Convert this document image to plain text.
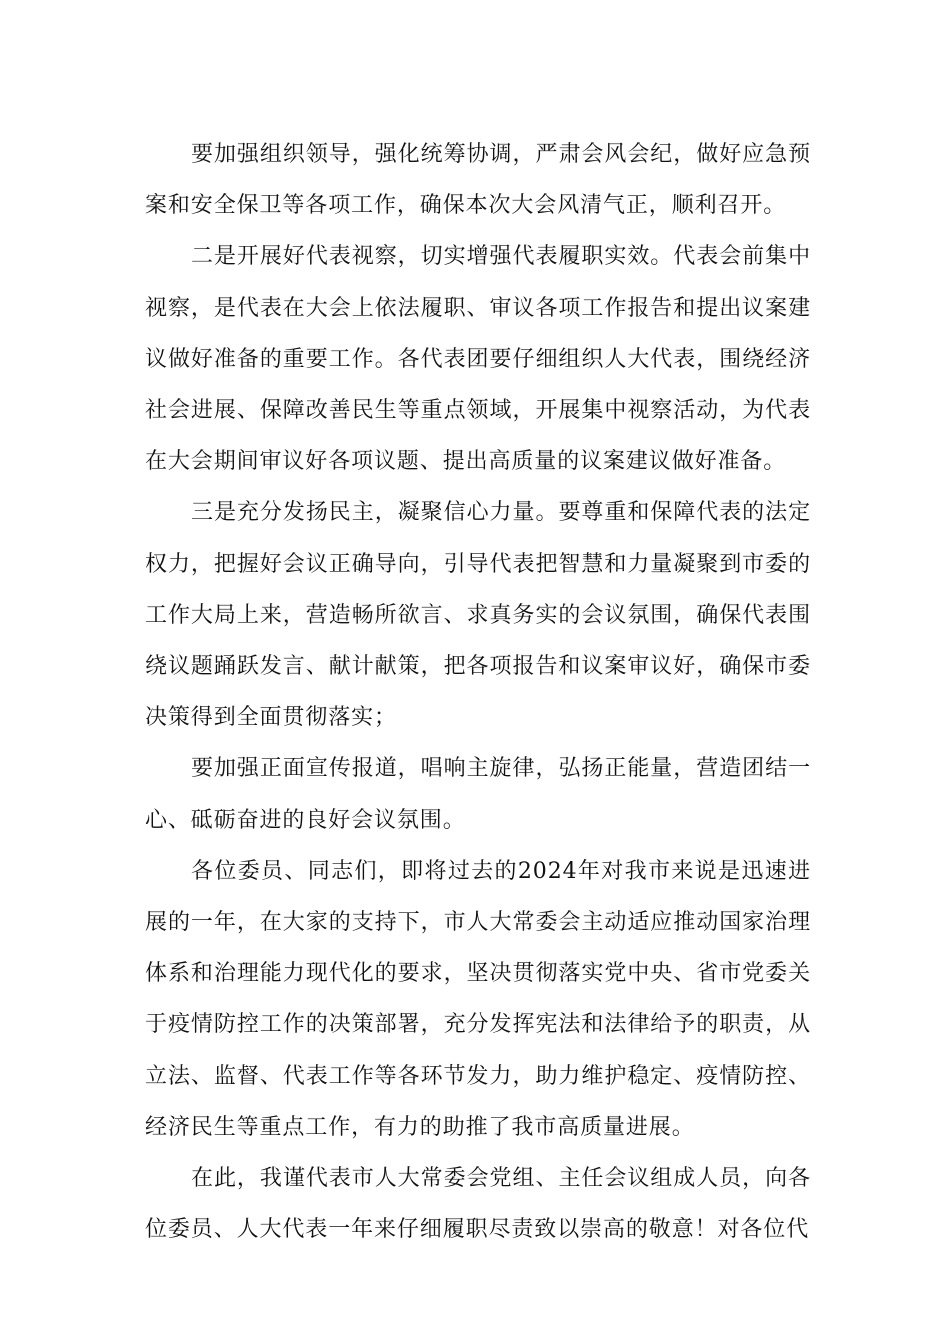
要加强组织领导，强化统筹协调，严肃会风会纪，做好应急预案和安全保卫等各项工作，确保本次大会风清气正，顺利召开。

二是开展好代表视察，切实增强代表履职实效。代表会前集中视察，是代表在大会上依法履职、审议各项工作报告和提出议案建议做好准备的重要工作。各代表团要仔细组织人大代表，围绕经济社会进展、保障改善民生等重点领域，开展集中视察活动，为代表在大会期间审议好各项议题、提出高质量的议案建议做好准备。

三是充分发扬民主，凝聚信心力量。要尊重和保障代表的法定权力，把握好会议正确导向，引导代表把智慧和力量凝聚到市委的工作大局上来，营造畅所欲言、求真务实的会议氛围，确保代表围绕议题踊跃发言、献计献策，把各项报告和议案审议好，确保市委决策得到全面贯彻落实；

要加强正面宣传报道，唱响主旋律，弘扬正能量，营造团结一心、砥砺奋进的良好会议氛围。

各位委员、同志们，即将过去的2024年对我市来说是迅速进展的一年，在大家的支持下，市人大常委会主动适应推动国家治理体系和治理能力现代化的要求，坚决贯彻落实党中央、省市党委关于疫情防控工作的决策部署，充分发挥宪法和法律给予的职责，从立法、监督、代表工作等各环节发力，助力维护稳定、疫情防控、经济民生等重点工作，有力的助推了我市高质量进展。

在此，我谨代表市人大常委会党组、主任会议组成人员，向各位委员、人大代表一年来仔细履职尽责致以崇高的敬意！对各位代
